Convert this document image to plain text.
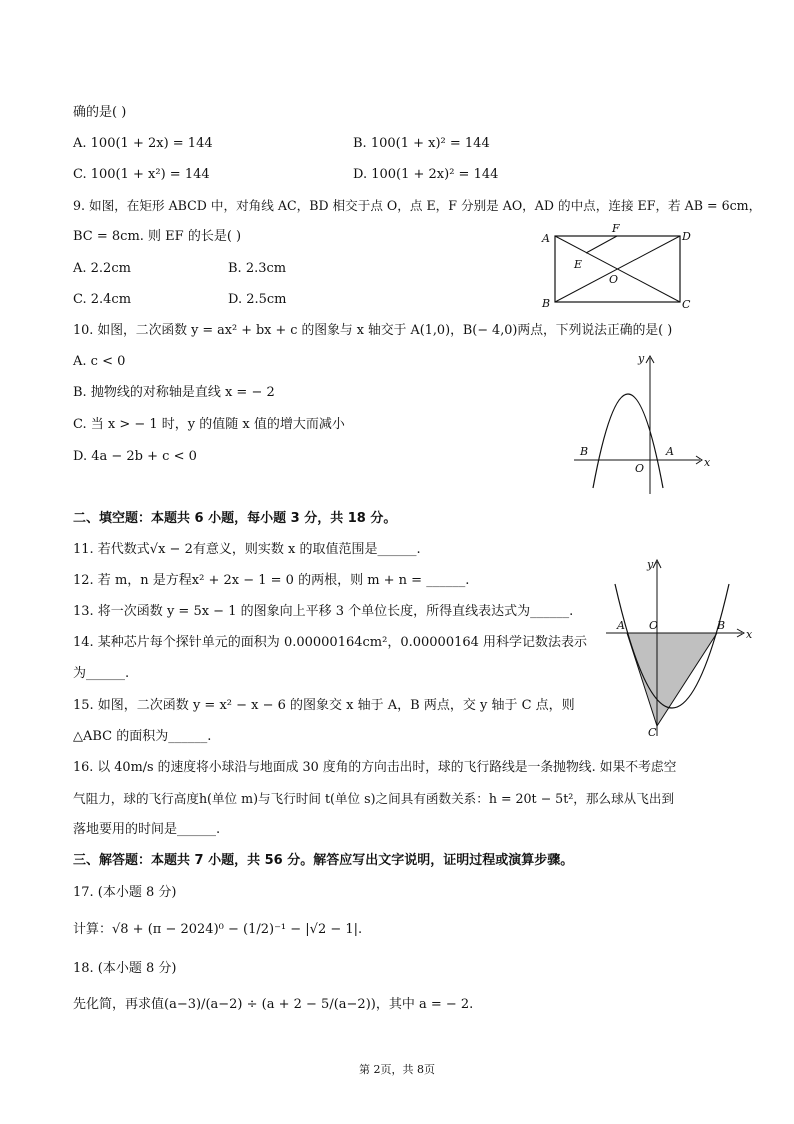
确的是( )
A. 100(1 + 2x) = 144	B. 100(1 + x)² = 144
C. 100(1 + x²) = 144	D. 100(1 + 2x)² = 144
9. 如图，在矩形 ABCD 中，对角线 AC，BD 相交于点 O，点 E，F 分别是 AO，AD 的中点，连接 EF，若 AB = 6cm，
BC = 8cm. 则 EF 的长是( )
A. 2.2cm	B. 2.3cm
C. 2.4cm	D. 2.5cm
A
B	C
D
E
F
O
10. 如图，二次函数 y = ax² + bx + c 的图象与 x 轴交于 A(1,0)，B(− 4,0)两点，下列说法正确的是( )
A. c < 0
B. 抛物线的对称轴是直线 x = − 2
C. 当 x > − 1 时，y 的值随 x 值的增大而减小
D. 4a − 2b + c < 0	x
y
O
A
B
二、填空题：本题共 6 小题，每小题 3 分，共 18 分。
11. 若代数式√x − 2有意义，则实数 x 的取值范围是______.
12. 若 m，n 是方程x² + 2x − 1 = 0 的两根，则 m + n = ______.
13. 将一次函数 y = 5x − 1 的图象向上平移 3 个单位长度，所得直线表达式为______.
14. 某种芯片每个探针单元的面积为 0.00000164cm²，0.00000164 用科学记数法表示
为______.
15. 如图，二次函数 y = x² − x − 6 的图象交 x 轴于 A，B 两点，交 y 轴于 C 点，则
△ABC 的面积为______.
x
y
O
A	B
C
16. 以 40m/s 的速度将小球沿与地面成 30 度角的方向击出时，球的飞行路线是一条抛物线. 如果不考虑空
气阻力，球的飞行高度h(单位 m)与飞行时间 t(单位 s)之间具有函数关系：h = 20t − 5t²，那么球从飞出到
落地要用的时间是______.
三、解答题：本题共 7 小题，共 56 分。解答应写出文字说明，证明过程或演算步骤。
17. (本小题 8 分)
计算：√8 + (π − 2024)⁰ − (1/2)⁻¹ − |√2 − 1|.
18. (本小题 8 分)
先化简，再求值(a−3)/(a−2) ÷ (a + 2 − 5/(a−2))，其中 a = − 2.
第 2页，共 8页
